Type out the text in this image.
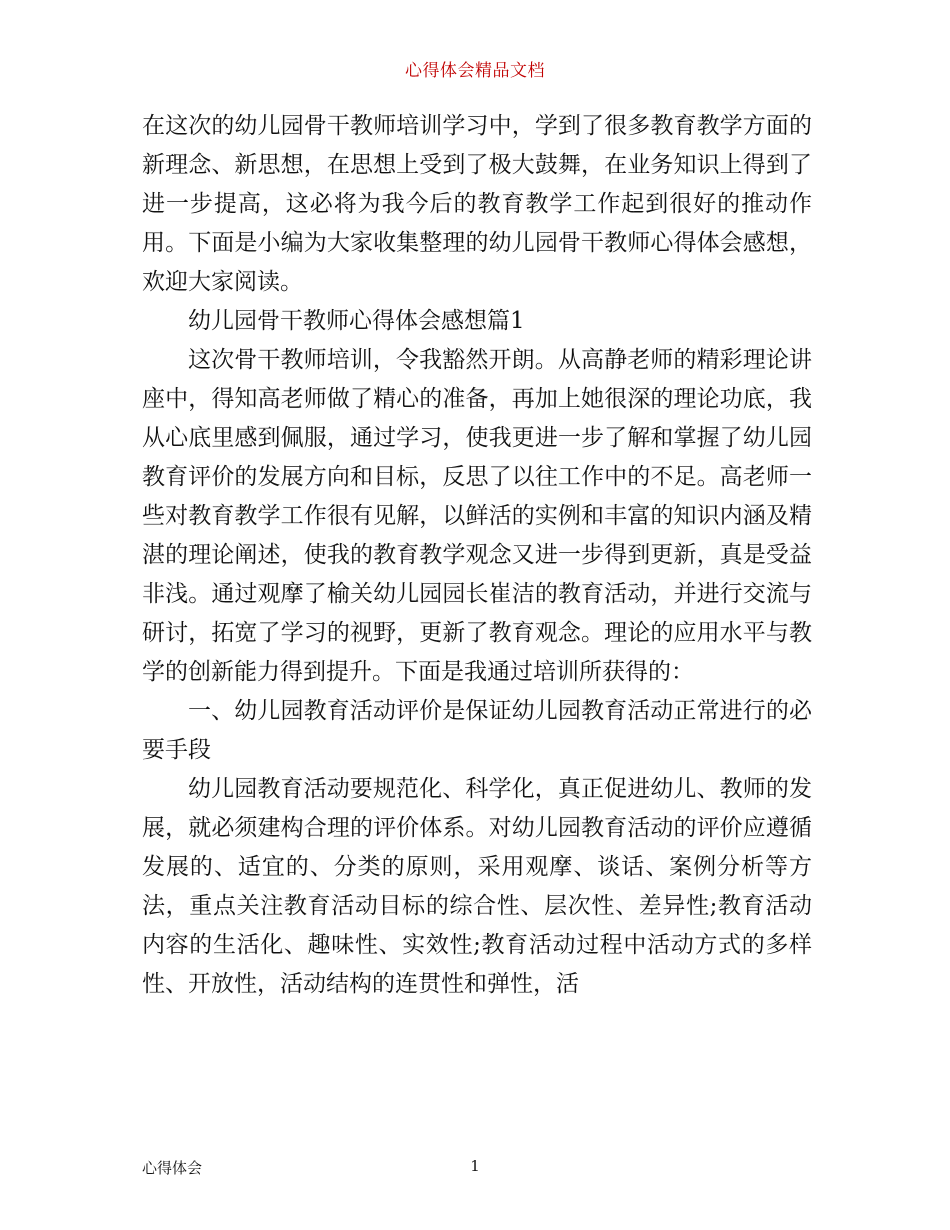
心得体会精品文档

在这次的幼儿园骨干教师培训学习中，学到了很多教育教学方面的新理念、新思想，在思想上受到了极大鼓舞，在业务知识上得到了进一步提高，这必将为我今后的教育教学工作起到很好的推动作用。下面是小编为大家收集整理的幼儿园骨干教师心得体会感想，欢迎大家阅读。

幼儿园骨干教师心得体会感想篇1

这次骨干教师培训，令我豁然开朗。从高静老师的精彩理论讲座中，得知高老师做了精心的准备，再加上她很深的理论功底，我从心底里感到佩服，通过学习，使我更进一步了解和掌握了幼儿园教育评价的发展方向和目标，反思了以往工作中的不足。高老师一些对教育教学工作很有见解，以鲜活的实例和丰富的知识内涵及精湛的理论阐述，使我的教育教学观念又进一步得到更新，真是受益非浅。通过观摩了榆关幼儿园园长崔洁的教育活动，并进行交流与研讨，拓宽了学习的视野，更新了教育观念。理论的应用水平与教学的创新能力得到提升。下面是我通过培训所获得的：

一、幼儿园教育活动评价是保证幼儿园教育活动正常进行的必要手段

幼儿园教育活动要规范化、科学化，真正促进幼儿、教师的发展，就必须建构合理的评价体系。对幼儿园教育活动的评价应遵循发展的、适宜的、分类的原则，采用观摩、谈话、案例分析等方法，重点关注教育活动目标的综合性、层次性、差异性;教育活动内容的生活化、趣味性、实效性;教育活动过程中活动方式的多样性、开放性，活动结构的连贯性和弹性，活

心得体会	1
